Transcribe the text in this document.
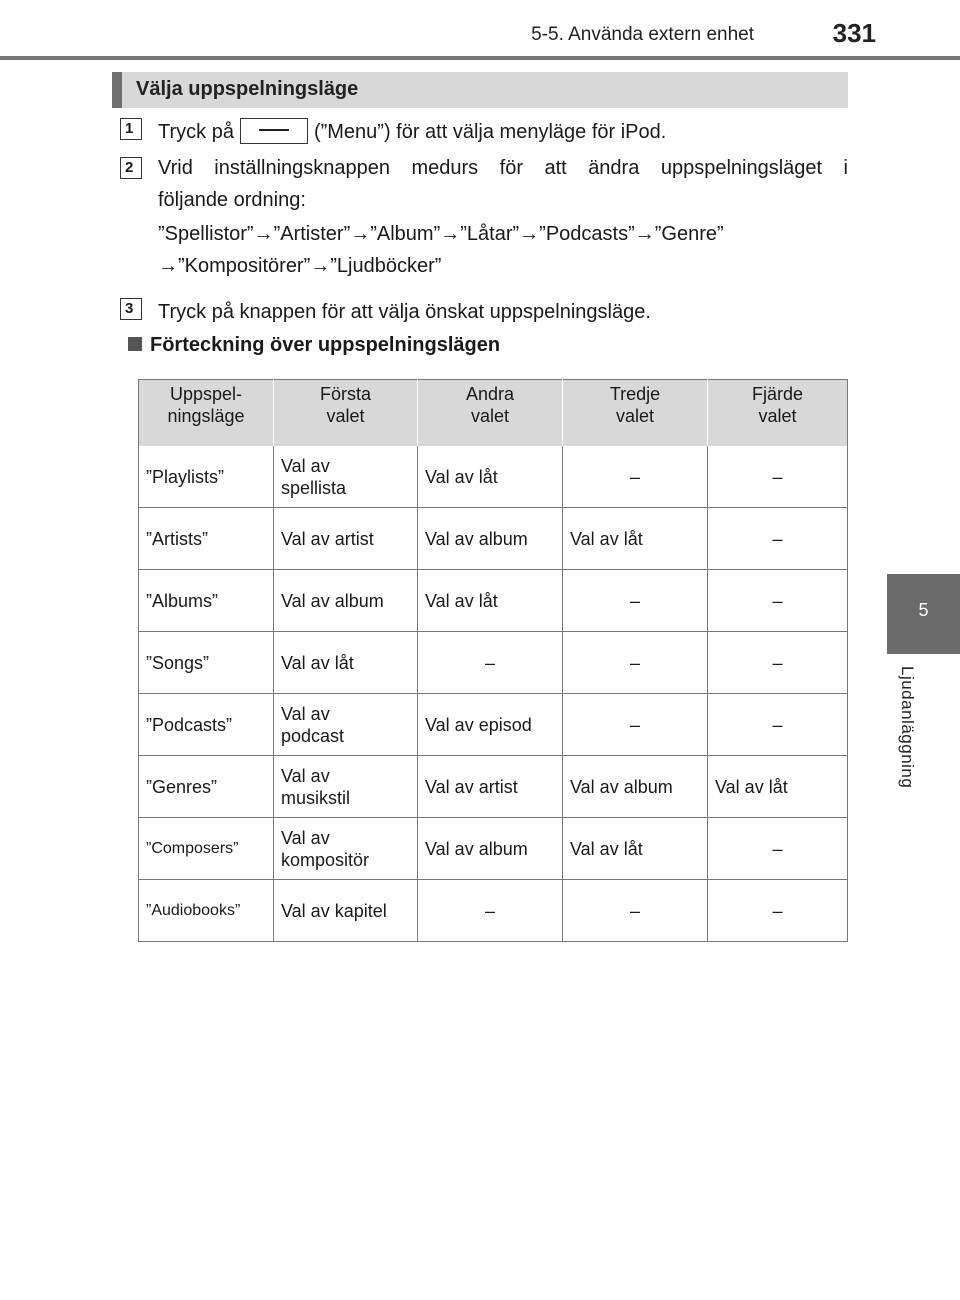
5-5. Använda extern enhet	331
5
Ljudanläggning
Välja uppspelningsläge
1	Tryck på	(”Menu”) för att välja menyläge för iPod.
2	Vrid inställningsknappen medurs för att ändra uppspelningsläget i
följande ordning:
”Spellistor”→”Artister”→”Album”→”Låtar”→”Podcasts”→”Genre”
→”Kompositörer”→”Ljudböcker”
3	Tryck på knappen för att välja önskat uppspelningsläge.
Förteckning över uppspelningslägen
Uppspel-
ningsläge	Första
valet	Andra
valet	Tredje
valet	Fjärde
valet
”Playlists”	Val av
spellista	Val av låt	–	–
”Artists”	Val av artist	Val av album	Val av låt	–
”Albums”	Val av album	Val av låt	–	–
”Songs”	Val av låt	–	–	–
”Podcasts”	Val av
podcast	Val av episod	–	–
”Genres”	Val av
musikstil	Val av artist	Val av album	Val av låt
”Composers”	Val av
kompositör	Val av album	Val av låt	–
”Audiobooks”	Val av kapitel	–	–	–
